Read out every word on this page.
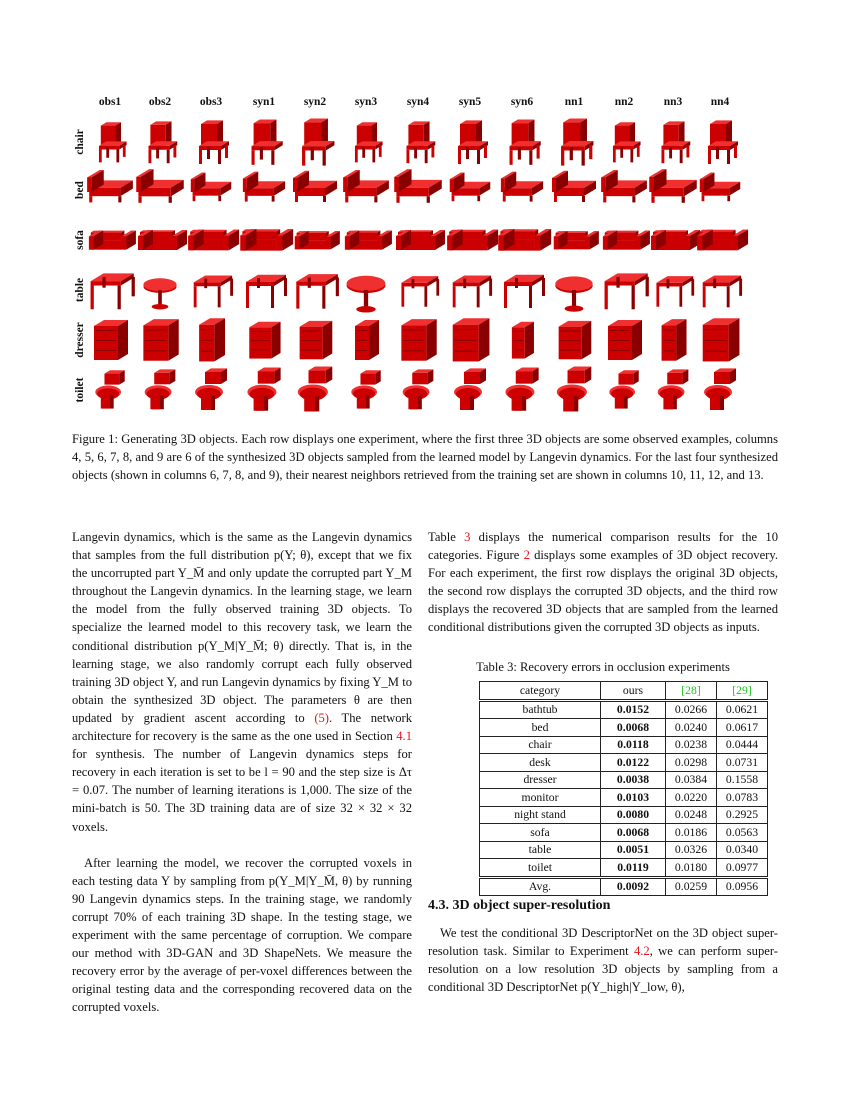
obs1	obs2	obs3	syn1	syn2	syn3	syn4	syn5	syn6	nn1	nn2	nn3	nn4
chair
bed
sofa
table
dresser
toilet
Figure 1: Generating 3D objects. Each row displays one experiment, where the first three 3D objects are some observed examples, columns 4, 5, 6, 7, 8, and 9 are 6 of the synthesized 3D objects sampled from the learned model by Langevin dynamics. For the last four synthesized objects (shown in columns 6, 7, 8, and 9), their nearest neighbors retrieved from the training set are shown in columns 10, 11, 12, and 13.

Langevin dynamics, which is the same as the Langevin dynamics that samples from the full distribution p(Y; θ), except that we fix the uncorrupted part Y_M̄ and only update the corrupted part Y_M throughout the Langevin dynamics. In the learning stage, we learn the model from the fully observed training 3D objects. To specialize the learned model to this recovery task, we learn the conditional distribution p(Y_M|Y_M̄; θ) directly. That is, in the learning stage, we also randomly corrupt each fully observed training 3D object Y, and run Langevin dynamics by fixing Y_M to obtain the synthesized 3D object. The parameters θ are then updated by gradient ascent according to (5). The network architecture for recovery is the same as the one used in Section 4.1 for synthesis. The number of Langevin dynamics steps for recovery in each iteration is set to be l = 90 and the step size is Δτ = 0.07. The number of learning iterations is 1,000. The size of the mini-batch is 50. The 3D training data are of size 32 × 32 × 32 voxels.

After learning the model, we recover the corrupted voxels in each testing data Y by sampling from p(Y_M|Y_M̄, θ) by running 90 Langevin dynamics steps. In the training stage, we randomly corrupt 70% of each training 3D shape. In the testing stage, we experiment with the same percentage of corruption. We compare our method with 3D-GAN and 3D ShapeNets. We measure the recovery error by the average of per-voxel differences between the original testing data and the corresponding recovered data on the corrupted voxels.

Table 3 displays the numerical comparison results for the 10 categories. Figure 2 displays some examples of 3D object recovery. For each experiment, the first row displays the original 3D objects, the second row displays the corrupted 3D objects, and the third row displays the recovered 3D objects that are sampled from the learned conditional distributions given the corrupted 3D objects as inputs.

Table 3: Recovery errors in occlusion experiments
category	ours	[28]	[29]
bathtub	0.0152	0.0266	0.0621
bed	0.0068	0.0240	0.0617
chair	0.0118	0.0238	0.0444
desk	0.0122	0.0298	0.0731
dresser	0.0038	0.0384	0.1558
monitor	0.0103	0.0220	0.0783
night stand	0.0080	0.0248	0.2925
sofa	0.0068	0.0186	0.0563
table	0.0051	0.0326	0.0340
toilet	0.0119	0.0180	0.0977
Avg.	0.0092	0.0259	0.0956
4.3. 3D object super-resolution

We test the conditional 3D DescriptorNet on the 3D object super-resolution task. Similar to Experiment 4.2, we can perform super-resolution on a low resolution 3D objects by sampling from a conditional 3D DescriptorNet p(Y_high|Y_low, θ),
